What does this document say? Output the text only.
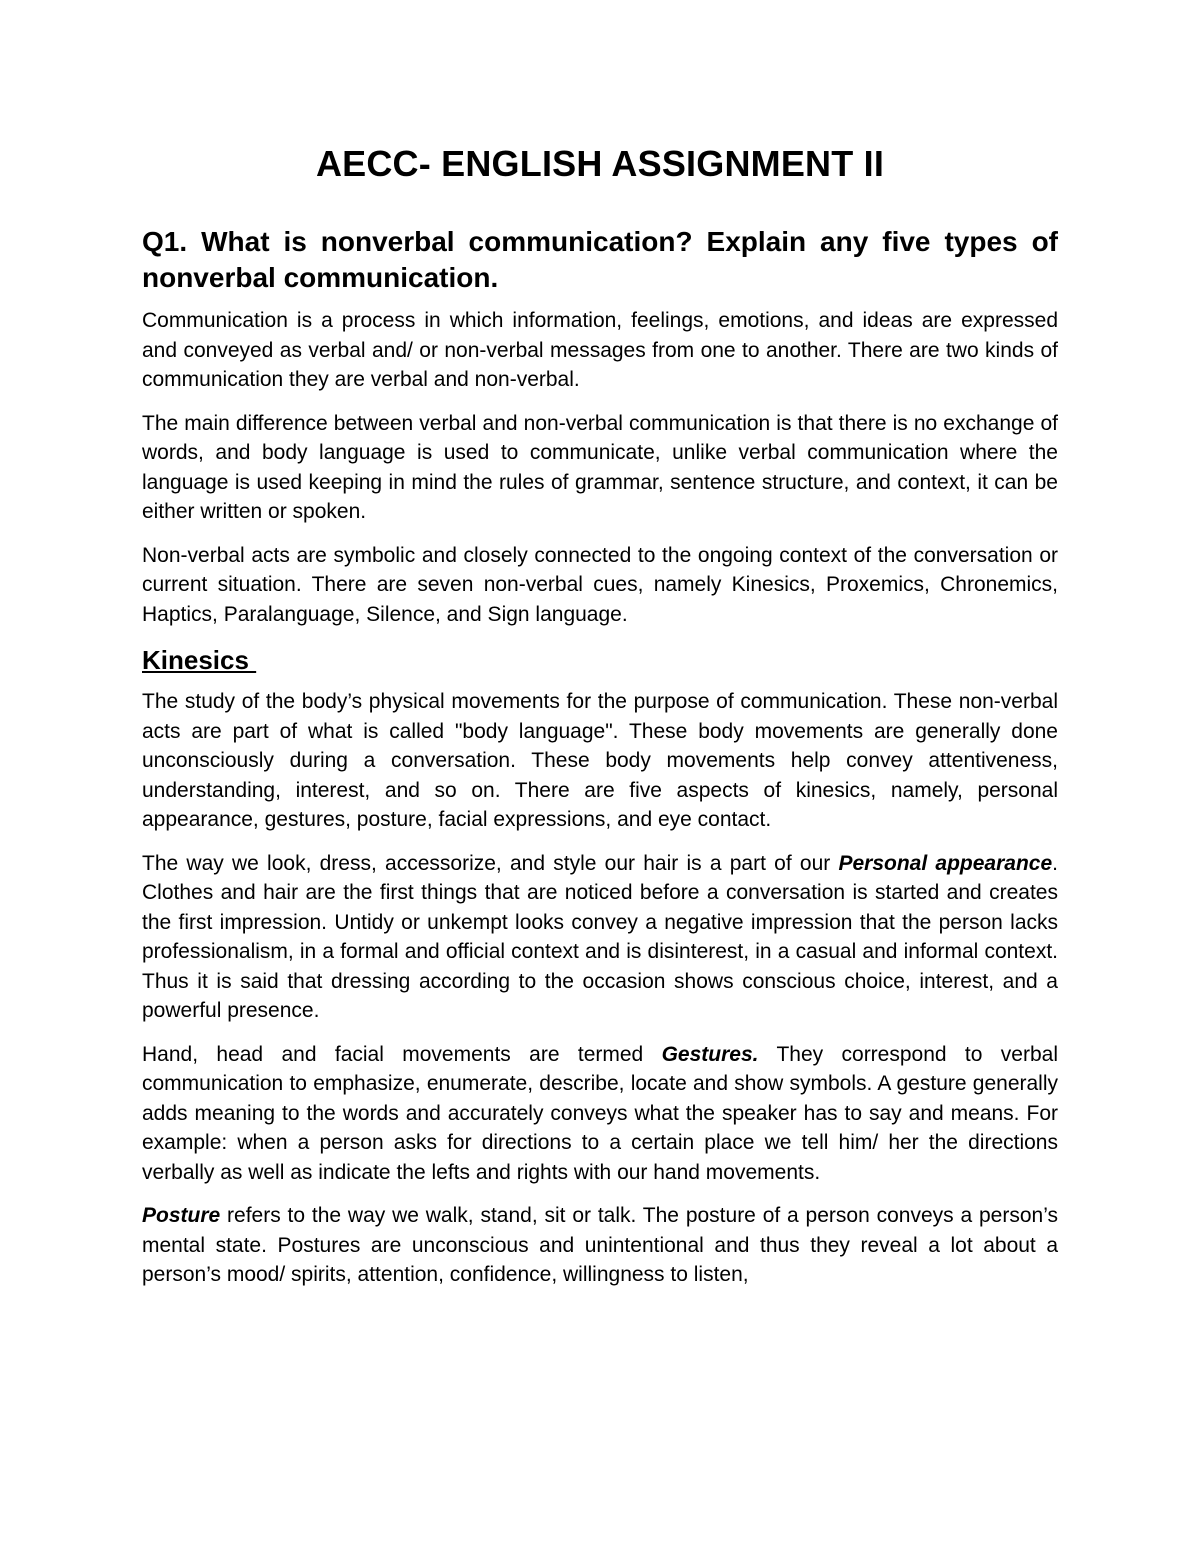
AECC- ENGLISH ASSIGNMENT II
Q1. What is nonverbal communication? Explain any five types of nonverbal communication.

Communication is a process in which information, feelings, emotions, and ideas are expressed and conveyed as verbal and/ or non-verbal messages from one to another. There are two kinds of communication they are verbal and non-verbal.

The main difference between verbal and non-verbal communication is that there is no exchange of words, and body language is used to communicate, unlike verbal communication where the language is used keeping in mind the rules of grammar, sentence structure, and context, it can be either written or spoken.

Non-verbal acts are symbolic and closely connected to the ongoing context of the conversation or current situation. There are seven non-verbal cues, namely Kinesics, Proxemics, Chronemics, Haptics, Paralanguage, Silence, and Sign language.

Kinesics

The study of the body’s physical movements for the purpose of communication. These non-verbal acts are part of what is called "body language". These body movements are generally done unconsciously during a conversation. These body movements help convey attentiveness, understanding, interest, and so on. There are five aspects of kinesics, namely, personal appearance, gestures, posture, facial expressions, and eye contact.

The way we look, dress, accessorize, and style our hair is a part of our Personal appearance. Clothes and hair are the first things that are noticed before a conversation is started and creates the first impression. Untidy or unkempt looks convey a negative impression that the person lacks professionalism, in a formal and official context and is disinterest, in a casual and informal context. Thus it is said that dressing according to the occasion shows conscious choice, interest, and a powerful presence.

Hand, head and facial movements are termed Gestures. They correspond to verbal communication to emphasize, enumerate, describe, locate and show symbols. A gesture generally adds meaning to the words and accurately conveys what the speaker has to say and means. For example: when a person asks for directions to a certain place we tell him/ her the directions verbally as well as indicate the lefts and rights with our hand movements.

Posture refers to the way we walk, stand, sit or talk. The posture of a person conveys a person’s mental state. Postures are unconscious and unintentional and thus they reveal a lot about a person’s mood/ spirits, attention, confidence, willingness to listen,
